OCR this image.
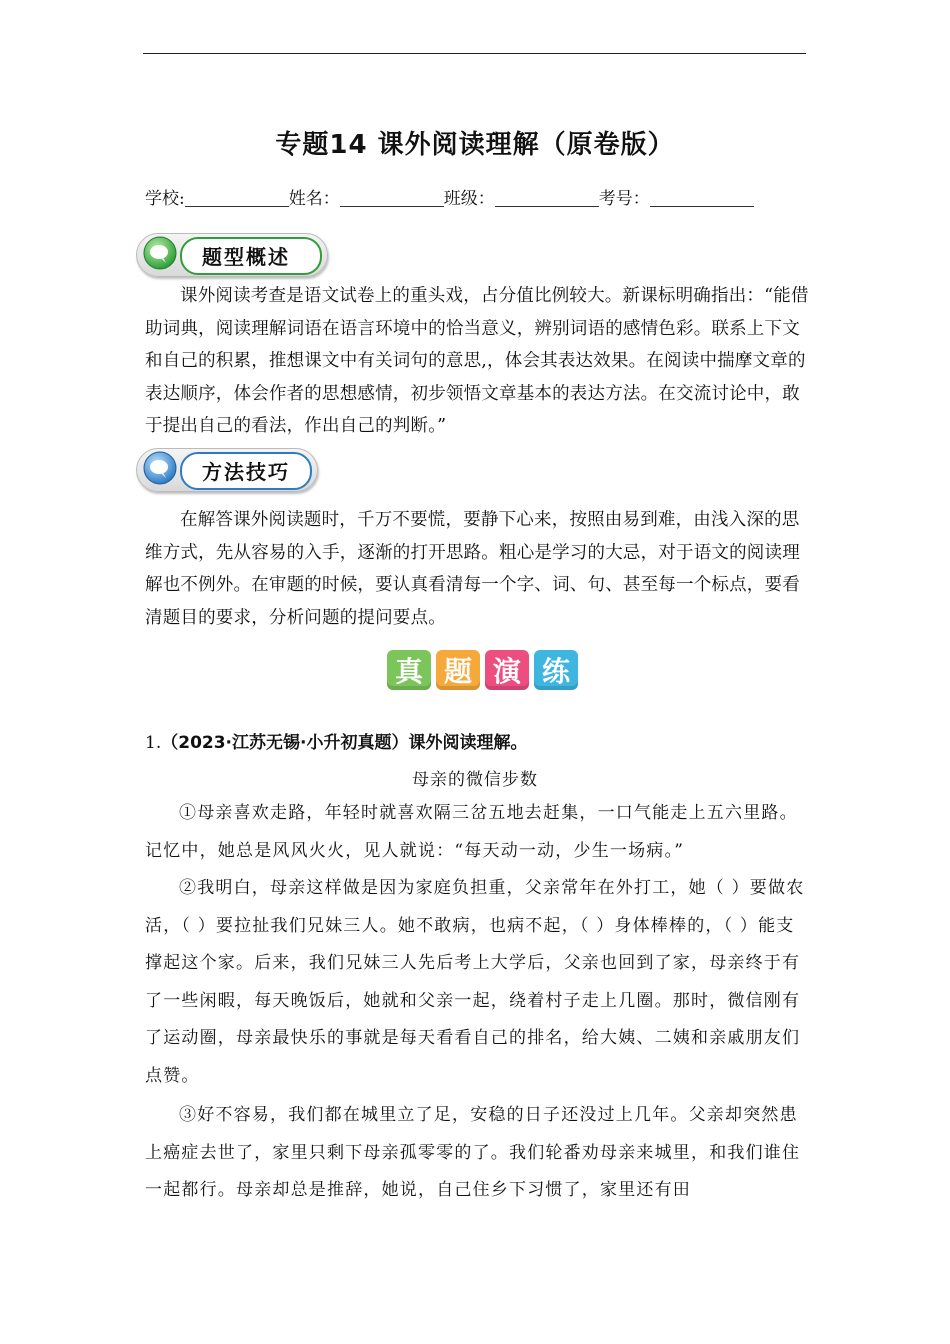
专题14 课外阅读理解（原卷版）
学校:	姓名：	班级：	考号：
题型概述
课外阅读考查是语文试卷上的重头戏，占分值比例较大。新课标明确指出：“能借助词典，阅读理解词语在语言环境中的恰当意义，辨别词语的感情色彩。联系上下文和自己的积累，推想课文中有关词句的意思,，体会其表达效果。在阅读中揣摩文章的表达顺序，体会作者的思想感情，初步领悟文章基本的表达方法。在交流讨论中，敢于提出自己的看法，作出自己的判断。”
方法技巧
在解答课外阅读题时，千万不要慌，要静下心来，按照由易到难，由浅入深的思维方式，先从容易的入手，逐渐的打开思路。粗心是学习的大忌，对于语文的阅读理解也不例外。在审题的时候，要认真看清每一个字、词、句、甚至每一个标点，要看清题目的要求，分析问题的提问要点。
真 题 演 练
1.（2023·江苏无锡·小升初真题）课外阅读理解。
母亲的微信步数
①母亲喜欢走路，年轻时就喜欢隔三岔五地去赶集，一口气能走上五六里路。记忆中，她总是风风火火，见人就说：“每天动一动，少生一场病。”
②我明白，母亲这样做是因为家庭负担重，父亲常年在外打工，她（ ）要做农活，（ ）要拉扯我们兄妹三人。她不敢病，也病不起，（ ）身体棒棒的，（ ）能支撑起这个家。后来，我们兄妹三人先后考上大学后，父亲也回到了家，母亲终于有了一些闲暇，每天晚饭后，她就和父亲一起，绕着村子走上几圈。那时，微信刚有了运动圈，母亲最快乐的事就是每天看看自己的排名，给大姨、二姨和亲戚朋友们点赞。
③好不容易，我们都在城里立了足，安稳的日子还没过上几年。父亲却突然患上癌症去世了，家里只剩下母亲孤零零的了。我们轮番劝母亲来城里，和我们谁住一起都行。母亲却总是推辞，她说，自己住乡下习惯了，家里还有田
